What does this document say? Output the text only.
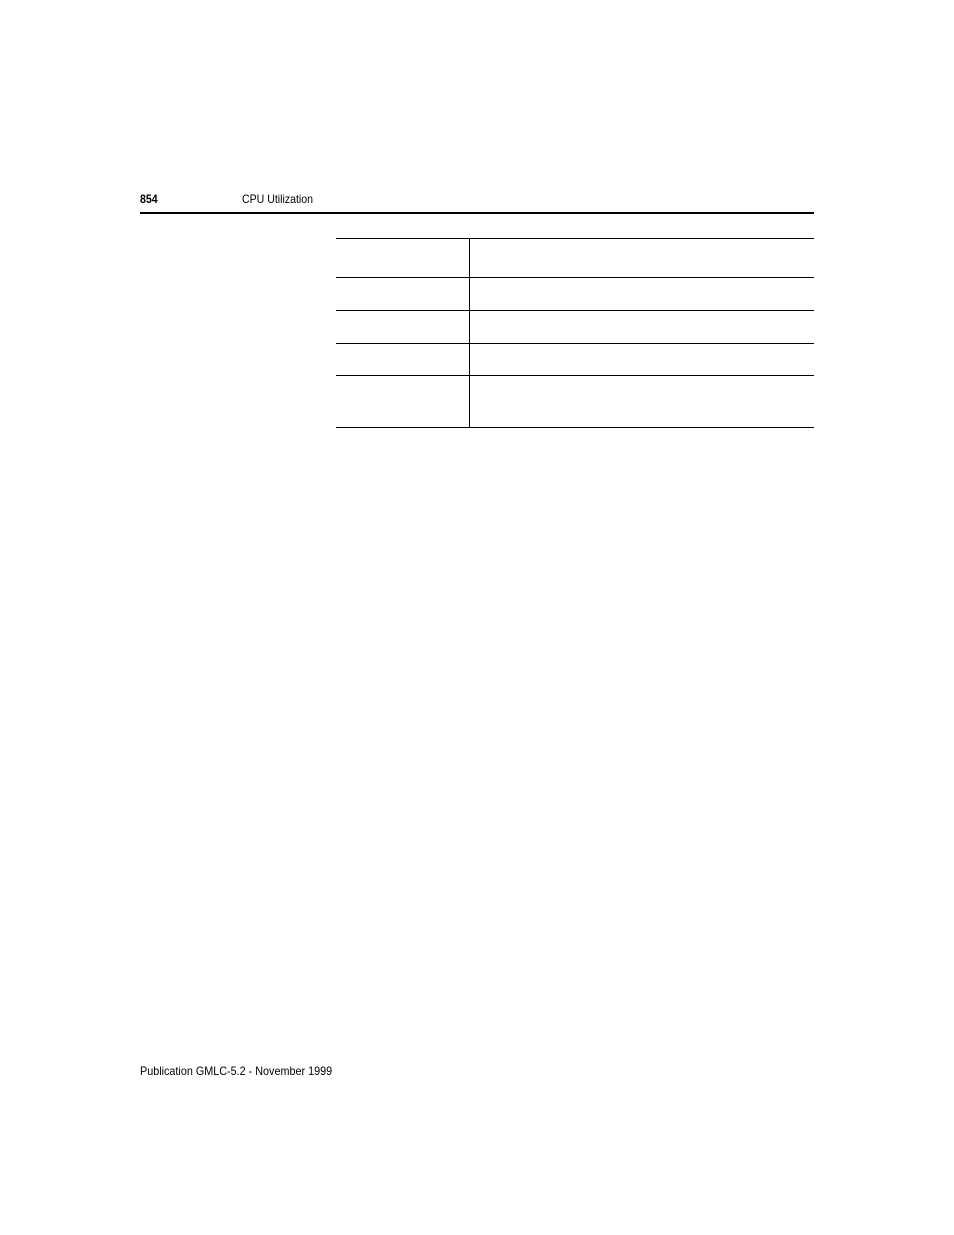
854	CPU Utilization

Publication GMLC-5.2 - November 1999
